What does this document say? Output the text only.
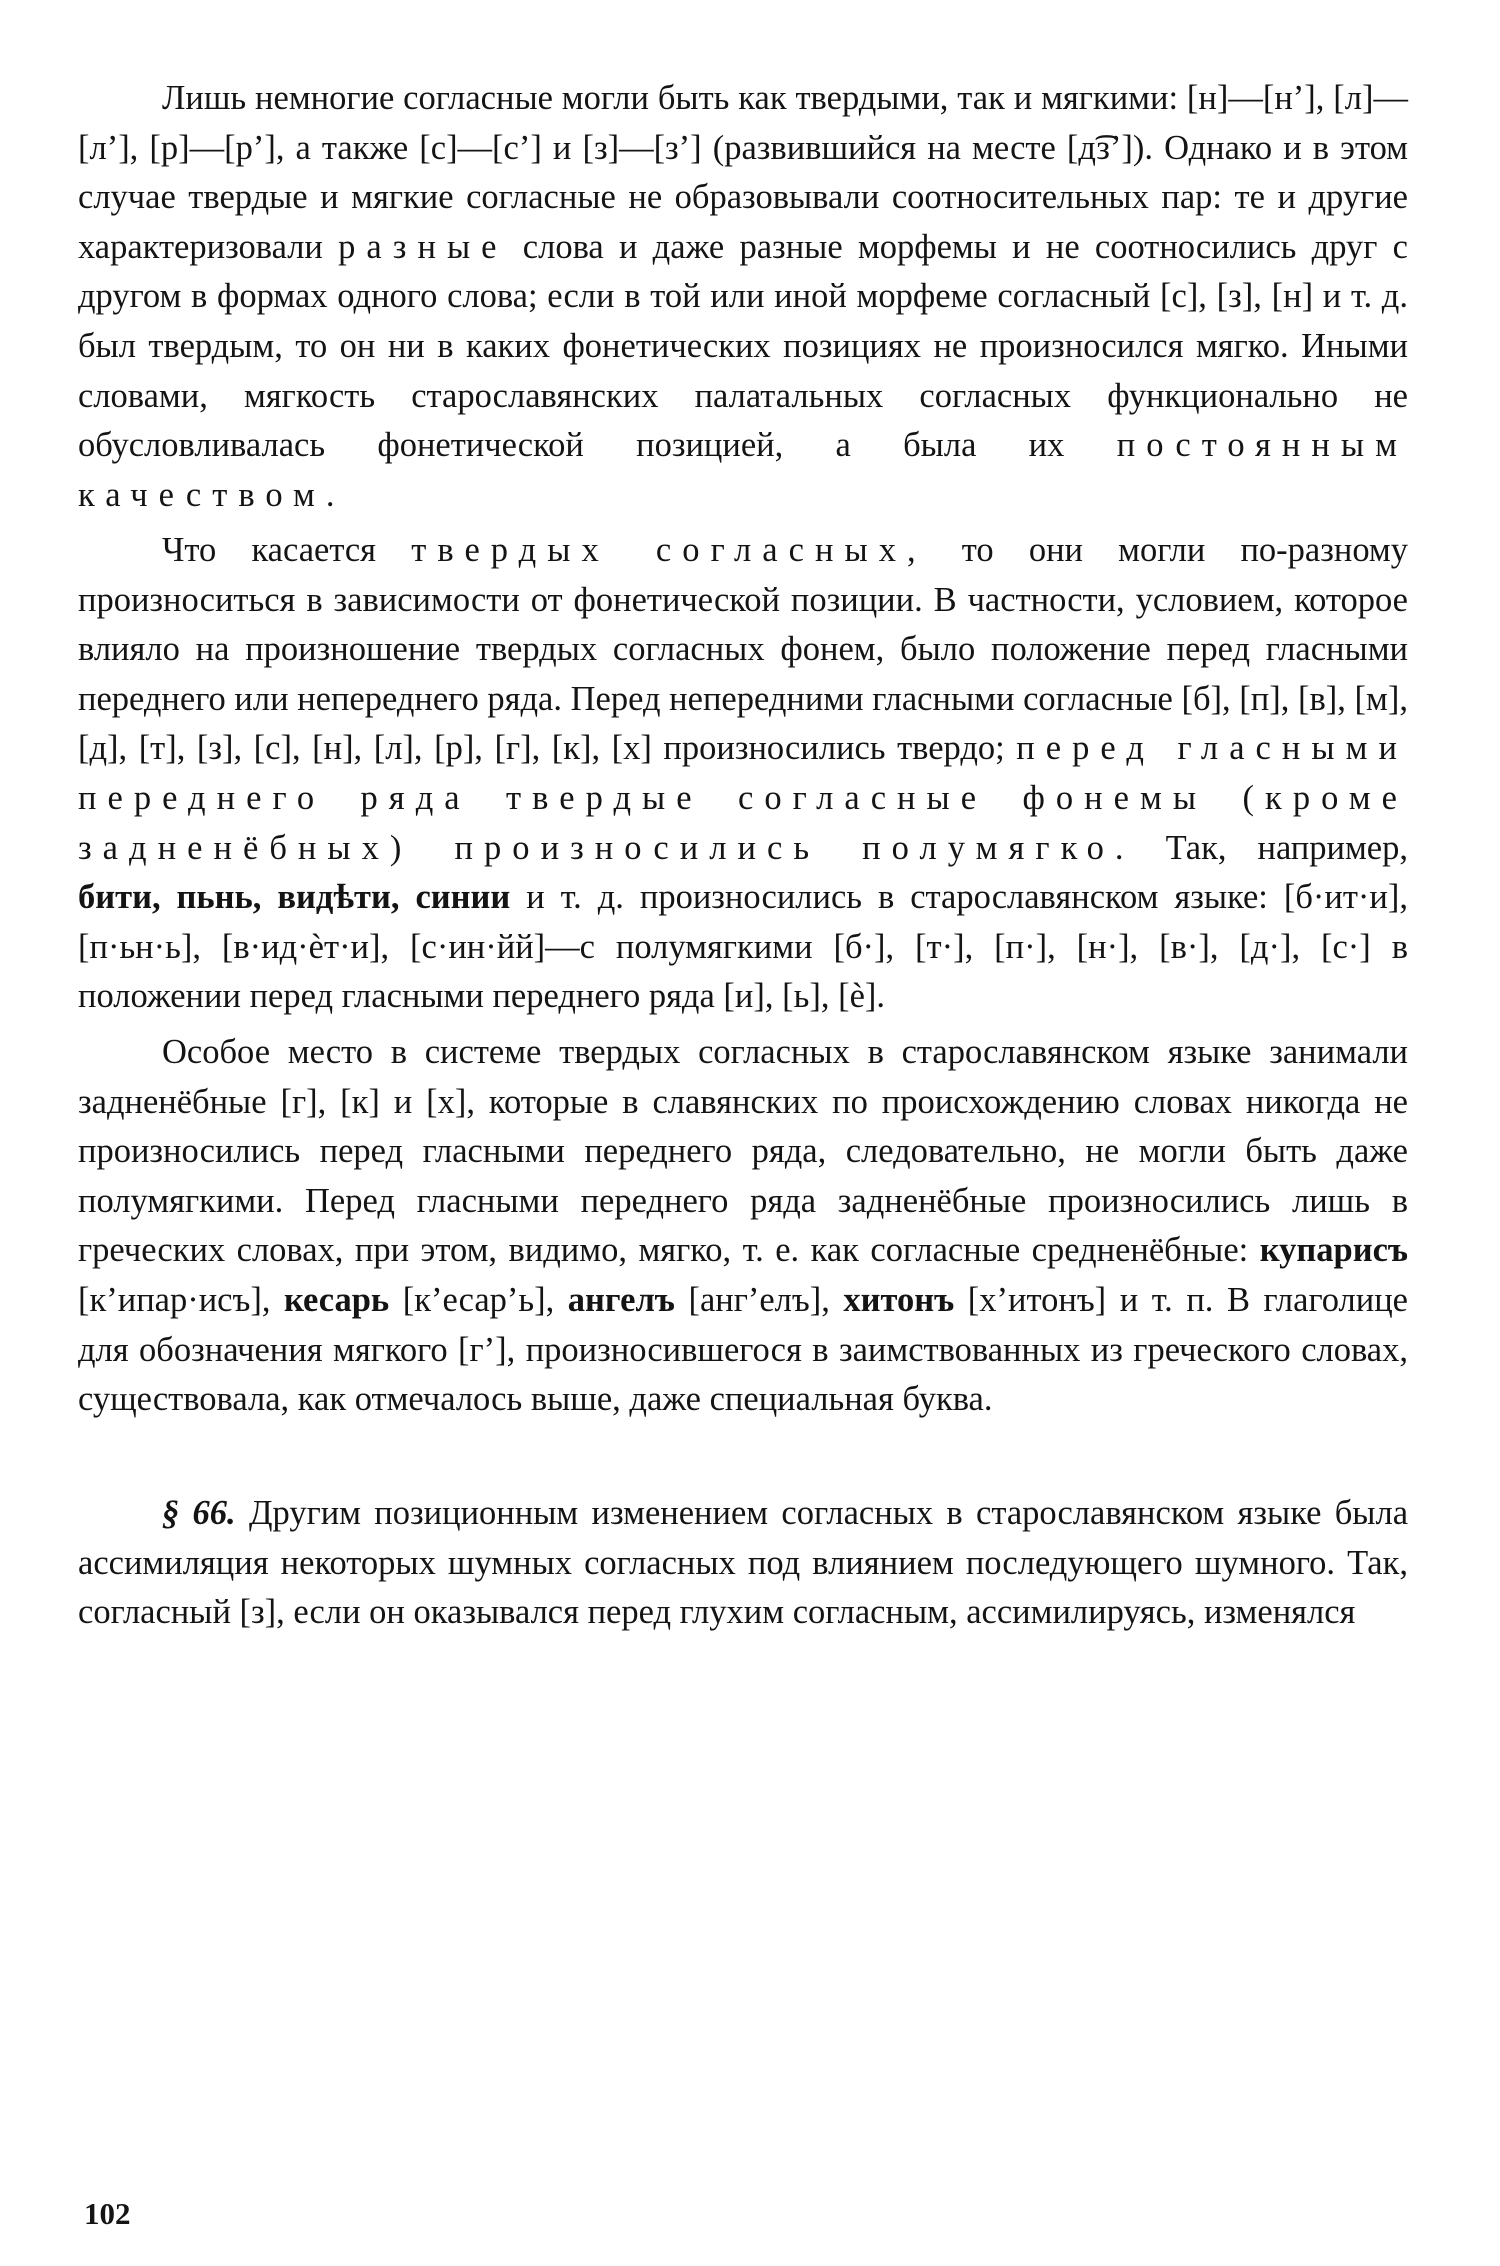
Лишь немногие согласные могли быть как твердыми, так и мягкими: [н]—[н’], [л]—[л’], [р]—[р’], а также [с]—[с’] и [з]—[з’] (развившийся на месте [д͡з’]). Однако и в этом случае твердые и мягкие согласные не образовывали соотносительных пар: те и другие характеризовали разные слова и даже разные морфемы и не соотносились друг с другом в формах одного слова; если в той или иной морфеме согласный [с], [з], [н] и т. д. был твердым, то он ни в каких фонетических позициях не произносился мягко. Иными словами, мягкость старославянских палатальных согласных функционально не обусловливалась фонетической позицией, а была их постоянным качеством.

Что касается твердых согласных, то они могли по-разному произноситься в зависимости от фонетической позиции. В частности, условием, которое влияло на произношение твердых согласных фонем, было положение перед гласными переднего или непереднего ряда. Перед непередними гласными согласные [б], [п], [в], [м], [д], [т], [з], [с], [н], [л], [р], [г], [к], [х] произносились твердо; перед гласными переднего ряда твердые согласные фонемы (кроме задненёбных) произносились полумягко. Так, например, бити, пьнь, видѣти, синии и т. д. произносились в старославянском языке: [б·ит·и], [п·ьн·ь], [в·ид·ѐт·и], [с·ин·йй]—с полумягкими [б·], [т·], [п·], [н·], [в·], [д·], [с·] в положении перед гласными переднего ряда [и], [ь], [ѐ].

Особое место в системе твердых согласных в старославянском языке занимали задненёбные [г], [к] и [х], которые в славянских по происхождению словах никогда не произносились перед гласными переднего ряда, следовательно, не могли быть даже полумягкими. Перед гласными переднего ряда задненёбные произносились лишь в греческих словах, при этом, видимо, мягко, т. е. как согласные средненёбные: купарисъ [к’ипар·исъ], кесарь [к’есар’ь], ангелъ [анг’елъ], хитонъ [х’итонъ] и т. п. В глаголице для обозначения мягкого [г’], произносившегося в заимствованных из греческого словах, существовала, как отмечалось выше, даже специальная буква.

§ 66. Другим позиционным изменением согласных в старославянском языке была ассимиляция некоторых шумных согласных под влиянием последующего шумного. Так, согласный [з], если он оказывался перед глухим согласным, ассимилируясь, изменялся

102
